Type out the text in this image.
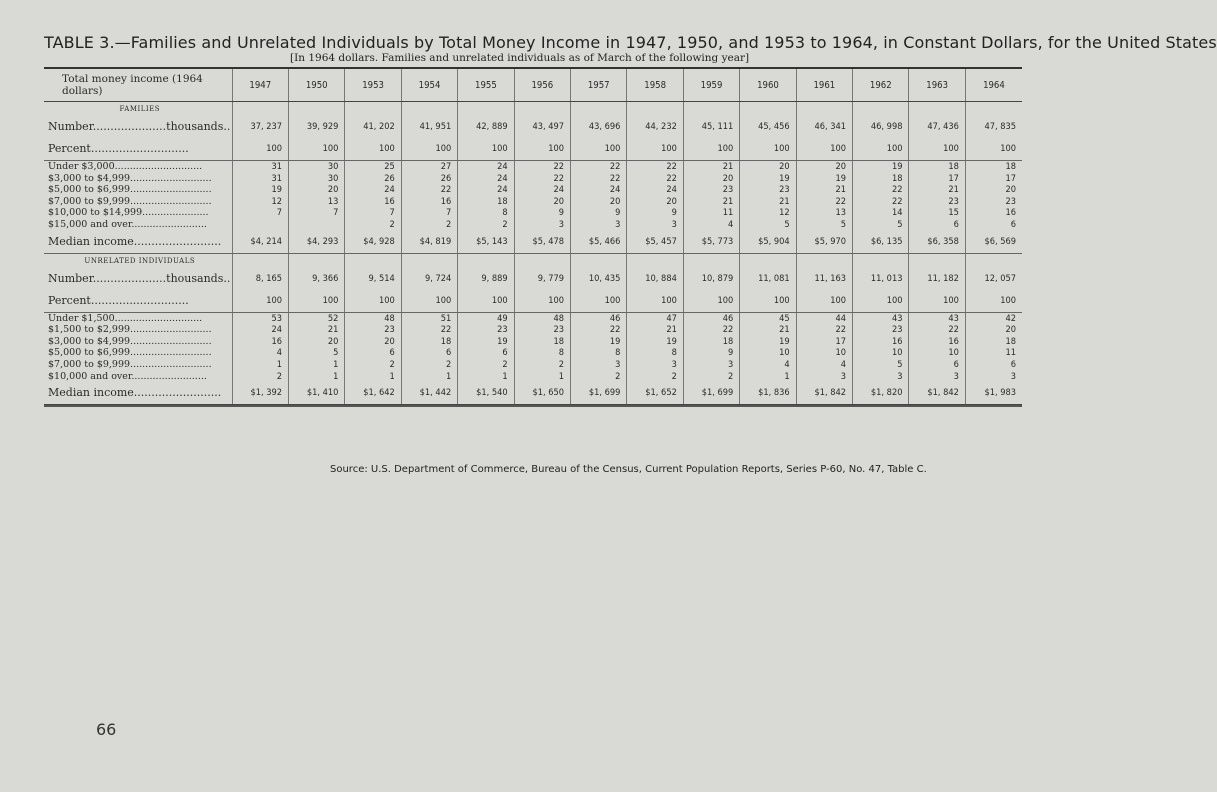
TABLE 3.—Families and Unrelated Individuals by Total Money Income in 1947, 1950, and 1953 to 1964, in Constant Dollars, for the United States
[In 1964 dollars. Families and unrelated individuals as of March of the following year]
Total money income (1964 dollars)	1947	1950	1953	1954	1955	1956	1957	1958	1959	1960	1961	1962	1963	1964
FAMILIES														
Number.....................thousands..	37, 237	39, 929	41, 202	41, 951	42, 889	43, 497	43, 696	44, 232	45, 111	45, 456	46, 341	46, 998	47, 436	47, 835
Percent............................	100	100	100	100	100	100	100	100	100	100	100	100	100	100
Under $3,000.............................	31	30	25	27	24	22	22	22	21	20	20	19	18	18
$3,000 to $4,999...........................	31	30	26	26	24	22	22	22	20	19	19	18	17	17
$5,000 to $6,999...........................	19	20	24	22	24	24	24	24	23	23	21	22	21	20
$7,000 to $9,999...........................	12	13	16	16	18	20	20	20	21	21	22	22	23	23
$10,000 to $14,999......................	7	7	7	7	8	9	9	9	11	12	13	14	15	16
$15,000 and over.........................			2	2	2	3	3	3	4	5	5	5	6	6
Median income.........................	$4, 214	$4, 293	$4, 928	$4, 819	$5, 143	$5, 478	$5, 466	$5, 457	$5, 773	$5, 904	$5, 970	$6, 135	$6, 358	$6, 569
UNRELATED INDIVIDUALS														
Number.....................thousands..	8, 165	9, 366	9, 514	9, 724	9, 889	9, 779	10, 435	10, 884	10, 879	11, 081	11, 163	11, 013	11, 182	12, 057
Percent............................	100	100	100	100	100	100	100	100	100	100	100	100	100	100
Under $1,500.............................	53	52	48	51	49	48	46	47	46	45	44	43	43	42
$1,500 to $2,999...........................	24	21	23	22	23	23	22	21	22	21	22	23	22	20
$3,000 to $4,999...........................	16	20	20	18	19	18	19	19	18	19	17	16	16	18
$5,000 to $6,999...........................	4	5	6	6	6	8	8	8	9	10	10	10	10	11
$7,000 to $9,999...........................	1	1	2	2	2	2	3	3	3	4	4	5	6	6
$10,000 and over.........................	2	1	1	1	1	1	2	2	2	1	3	3	3	3
Median income.........................	$1, 392	$1, 410	$1, 642	$1, 442	$1, 540	$1, 650	$1, 699	$1, 652	$1, 699	$1, 836	$1, 842	$1, 820	$1, 842	$1, 983
Source: U.S. Department of Commerce, Bureau of the Census, Current Population Reports, Series P-60, No. 47, Table C.
66
